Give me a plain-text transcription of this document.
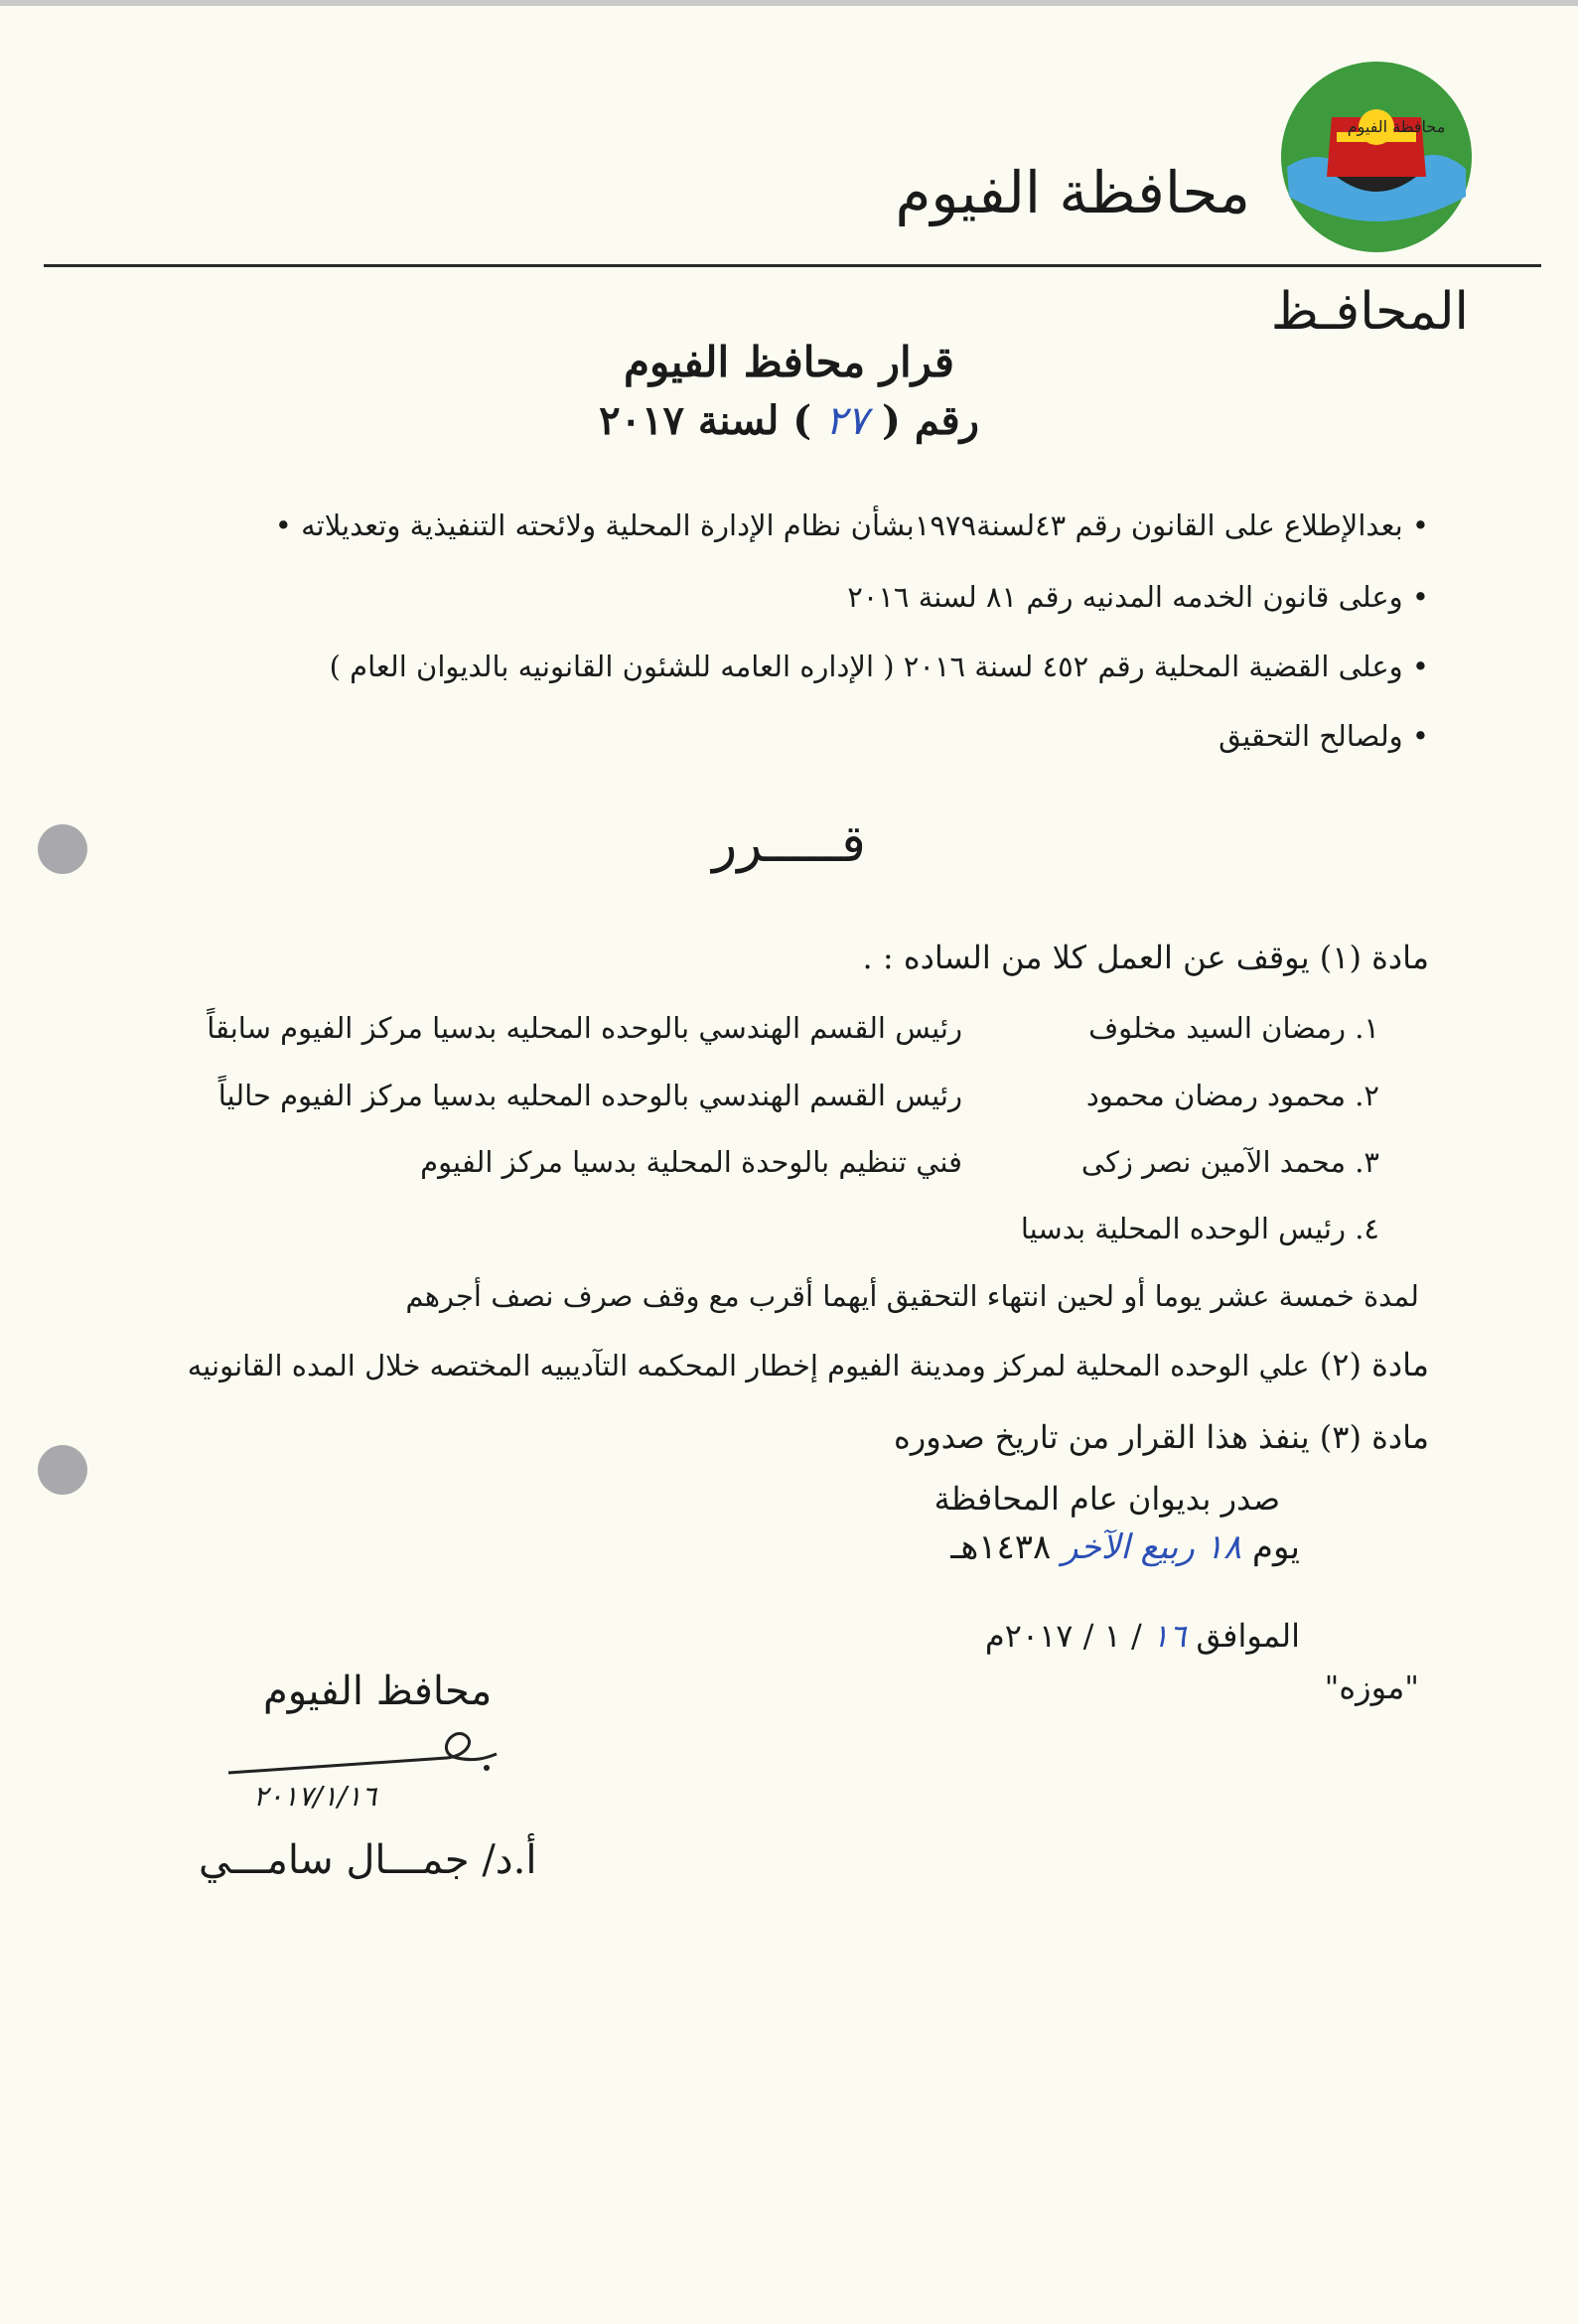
محافظة الفيوم
محافظة الفيوم
المحافـظ
قرار محافظ الفيوم
رقم ( ٢٧ ) لسنة ٢٠١٧
• بعدالإطلاع على القانون رقم ٤٣لسنة١٩٧٩بشأن نظام الإدارة المحلية ولائحته التنفيذية وتعديلاته •
• وعلى قانون الخدمه المدنيه رقم ٨١ لسنة ٢٠١٦
• وعلى القضية المحلية رقم ٤٥٢ لسنة ٢٠١٦ ( الإداره العامه للشئون القانونيه بالديوان العام )
• ولصالح التحقيق
قـــــرر
مادة (١) يوقف عن العمل كلا من الساده : .
١. رمضان السيد مخلوف
رئيس القسم الهندسي بالوحده المحليه بدسيا مركز الفيوم سابقاً
٢. محمود رمضان محمود
رئيس القسم الهندسي بالوحده المحليه بدسيا مركز الفيوم حالياً
٣. محمد الآمين نصر زكى
فني تنظيم بالوحدة المحلية بدسيا مركز الفيوم
٤. رئيس الوحده المحلية بدسيا
لمدة خمسة عشر يوما أو لحين انتهاء التحقيق أيهما أقرب مع وقف صرف نصف أجرهم
مادة (٢) علي الوحده المحلية لمركز ومدينة الفيوم إخطار المحكمه التآديبيه المختصه خلال المده القانونيه
مادة (٣) ينفذ هذا القرار من تاريخ صدوره
صدر بديوان عام المحافظة
يوم ١٨ ربيع الآخر ١٤٣٨هـ
الموافق ١٦ / ١ / ٢٠١٧م
"موزه"
محافظ الفيوم
٢٠١٧/١/١٦
أ.د/ جمـــال سامـــي
